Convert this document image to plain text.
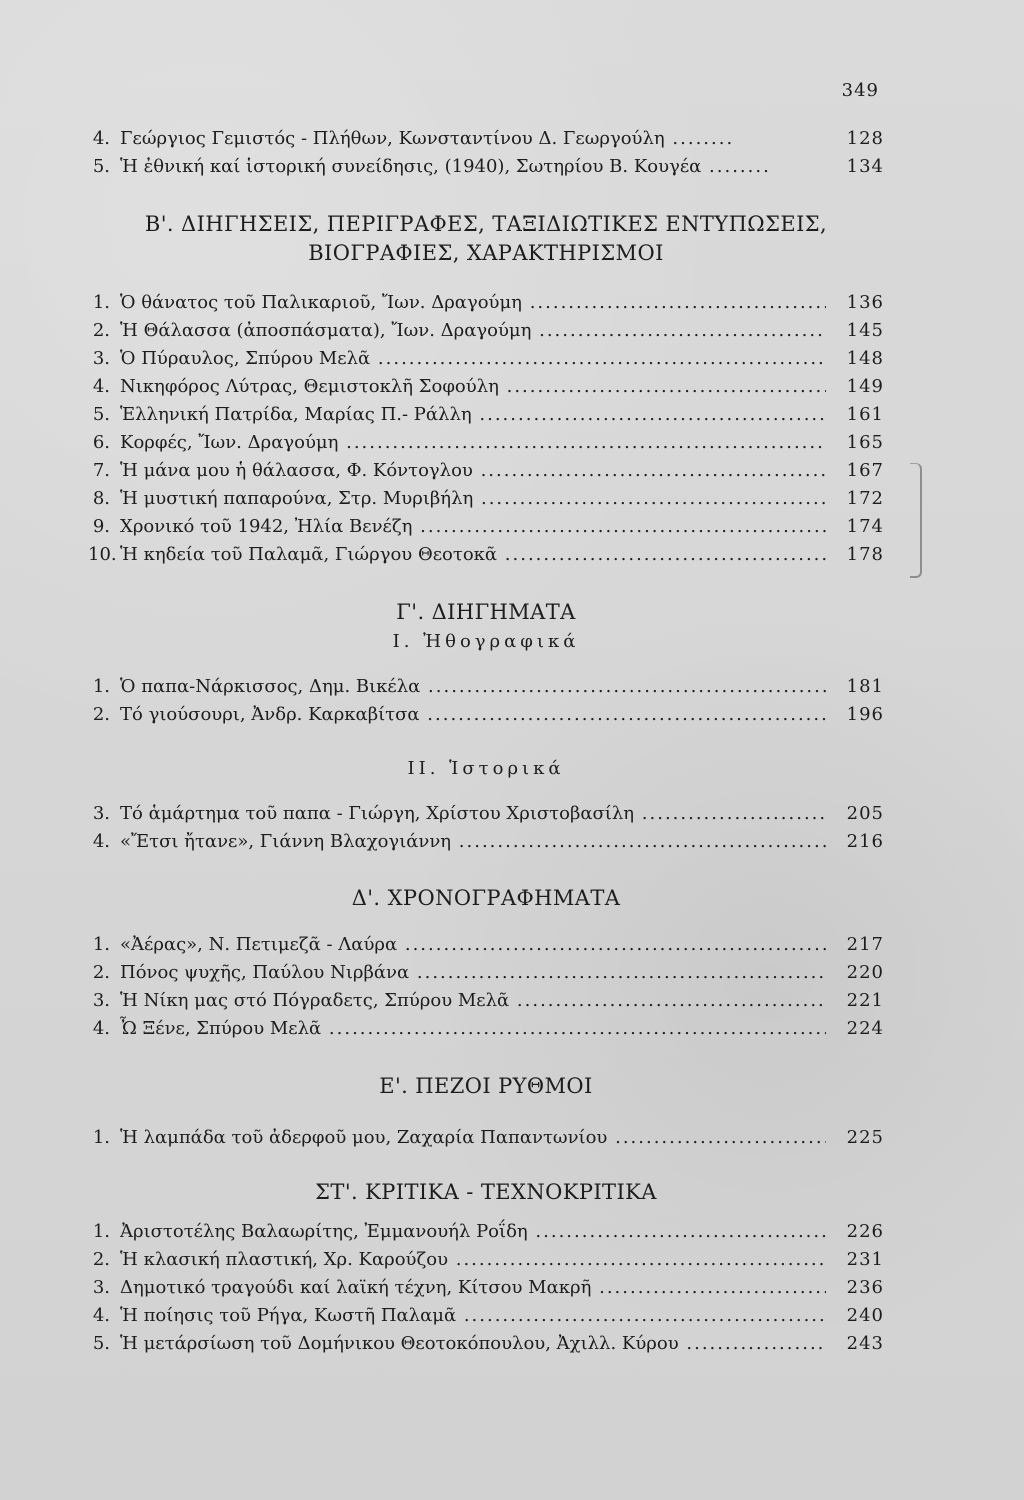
349
4. Γεώργιος Γεμιστός - Πλήθων, Κωνσταντίνου Δ. Γεωργούλη .....	128
5. Ἡ ἐθνική καί ἱστορική συνείδησις, (1940), Σωτηρίου Β. Κουγέα .....	134
Β'. ΔΙΗΓΗΣΕΙΣ, ΠΕΡΙΓΡΑΦΕΣ, ΤΑΞΙΔΙΩΤΙΚΕΣ ΕΝΤΥΠΩΣΕΙΣ,
ΒΙΟΓΡΑΦΙΕΣ, ΧΑΡΑΚΤΗΡΙΣΜΟΙ
1. Ὁ θάνατος τοῦ Παλικαριοῦ, Ἴων. Δραγούμη .....	136
2. Ἡ Θάλασσα (ἀποσπάσματα), Ἴων. Δραγούμη .....	145
3. Ὁ Πύραυλος, Σπύρου Μελᾶ .....	148
4. Νικηφόρος Λύτρας, Θεμιστοκλῆ Σοφούλη .....	149
5. Ἑλληνική Πατρίδα, Μαρίας Π.- Ράλλη .....	161
6. Κορφές, Ἴων. Δραγούμη .....	165
7. Ἡ μάνα μου ἡ θάλασσα, Φ. Κόντογλου .....	167
8. Ἡ μυστική παπαρούνα, Στρ. Μυριβήλη .....	172
9. Χρονικό τοῦ 1942, Ἠλία Βενέζη .....	174
10. Ἡ κηδεία τοῦ Παλαμᾶ, Γιώργου Θεοτοκᾶ .....	178
Γ'. ΔΙΗΓΗΜΑΤΑ
Ι. Ἠθογραφικά
1. Ὁ παπα-Νάρκισσος, Δημ. Βικέλα .....	181
2. Τό γιούσουρι, Ἀνδρ. Καρκαβίτσα .....	196
ΙΙ. Ἱστορικά
3. Τό ἁμάρτημα τοῦ παπα - Γιώργη, Χρίστου Χριστοβασίλη .....	205
4. «Ἔτσι ἤτανε», Γιάννη Βλαχογιάννη .....	216
Δ'. ΧΡΟΝΟΓΡΑΦΗΜΑΤΑ
1. «Ἀέρας», Ν. Πετιμεζᾶ - Λαύρα .....	217
2. Πόνος ψυχῆς, Παύλου Νιρβάνα .....	220
3. Ἡ Νίκη μας στό Πόγραδετς, Σπύρου Μελᾶ .....	221
4. Ὦ Ξένε, Σπύρου Μελᾶ .....	224
Ε'. ΠΕΖΟΙ ΡΥΘΜΟΙ
1. Ἡ λαμπάδα τοῦ ἀδερφοῦ μου, Ζαχαρία Παπαντωνίου .....	225
ΣΤ'. ΚΡΙΤΙΚΑ - ΤΕΧΝΟΚΡΙΤΙΚΑ
1. Ἀριστοτέλης Βαλαωρίτης, Ἐμμανουήλ Ροΐδη .....	226
2. Ἡ κλασική πλαστική, Χρ. Καρούζου .....	231
3. Δημοτικό τραγούδι καί λαϊκή τέχνη, Κίτσου Μακρῆ .....	236
4. Ἡ ποίησις τοῦ Ρήγα, Κωστῆ Παλαμᾶ .....	240
5. Ἡ μετάρσίωση τοῦ Δομήνικου Θεοτοκόπουλου, Ἀχιλλ. Κύρου .....	243
